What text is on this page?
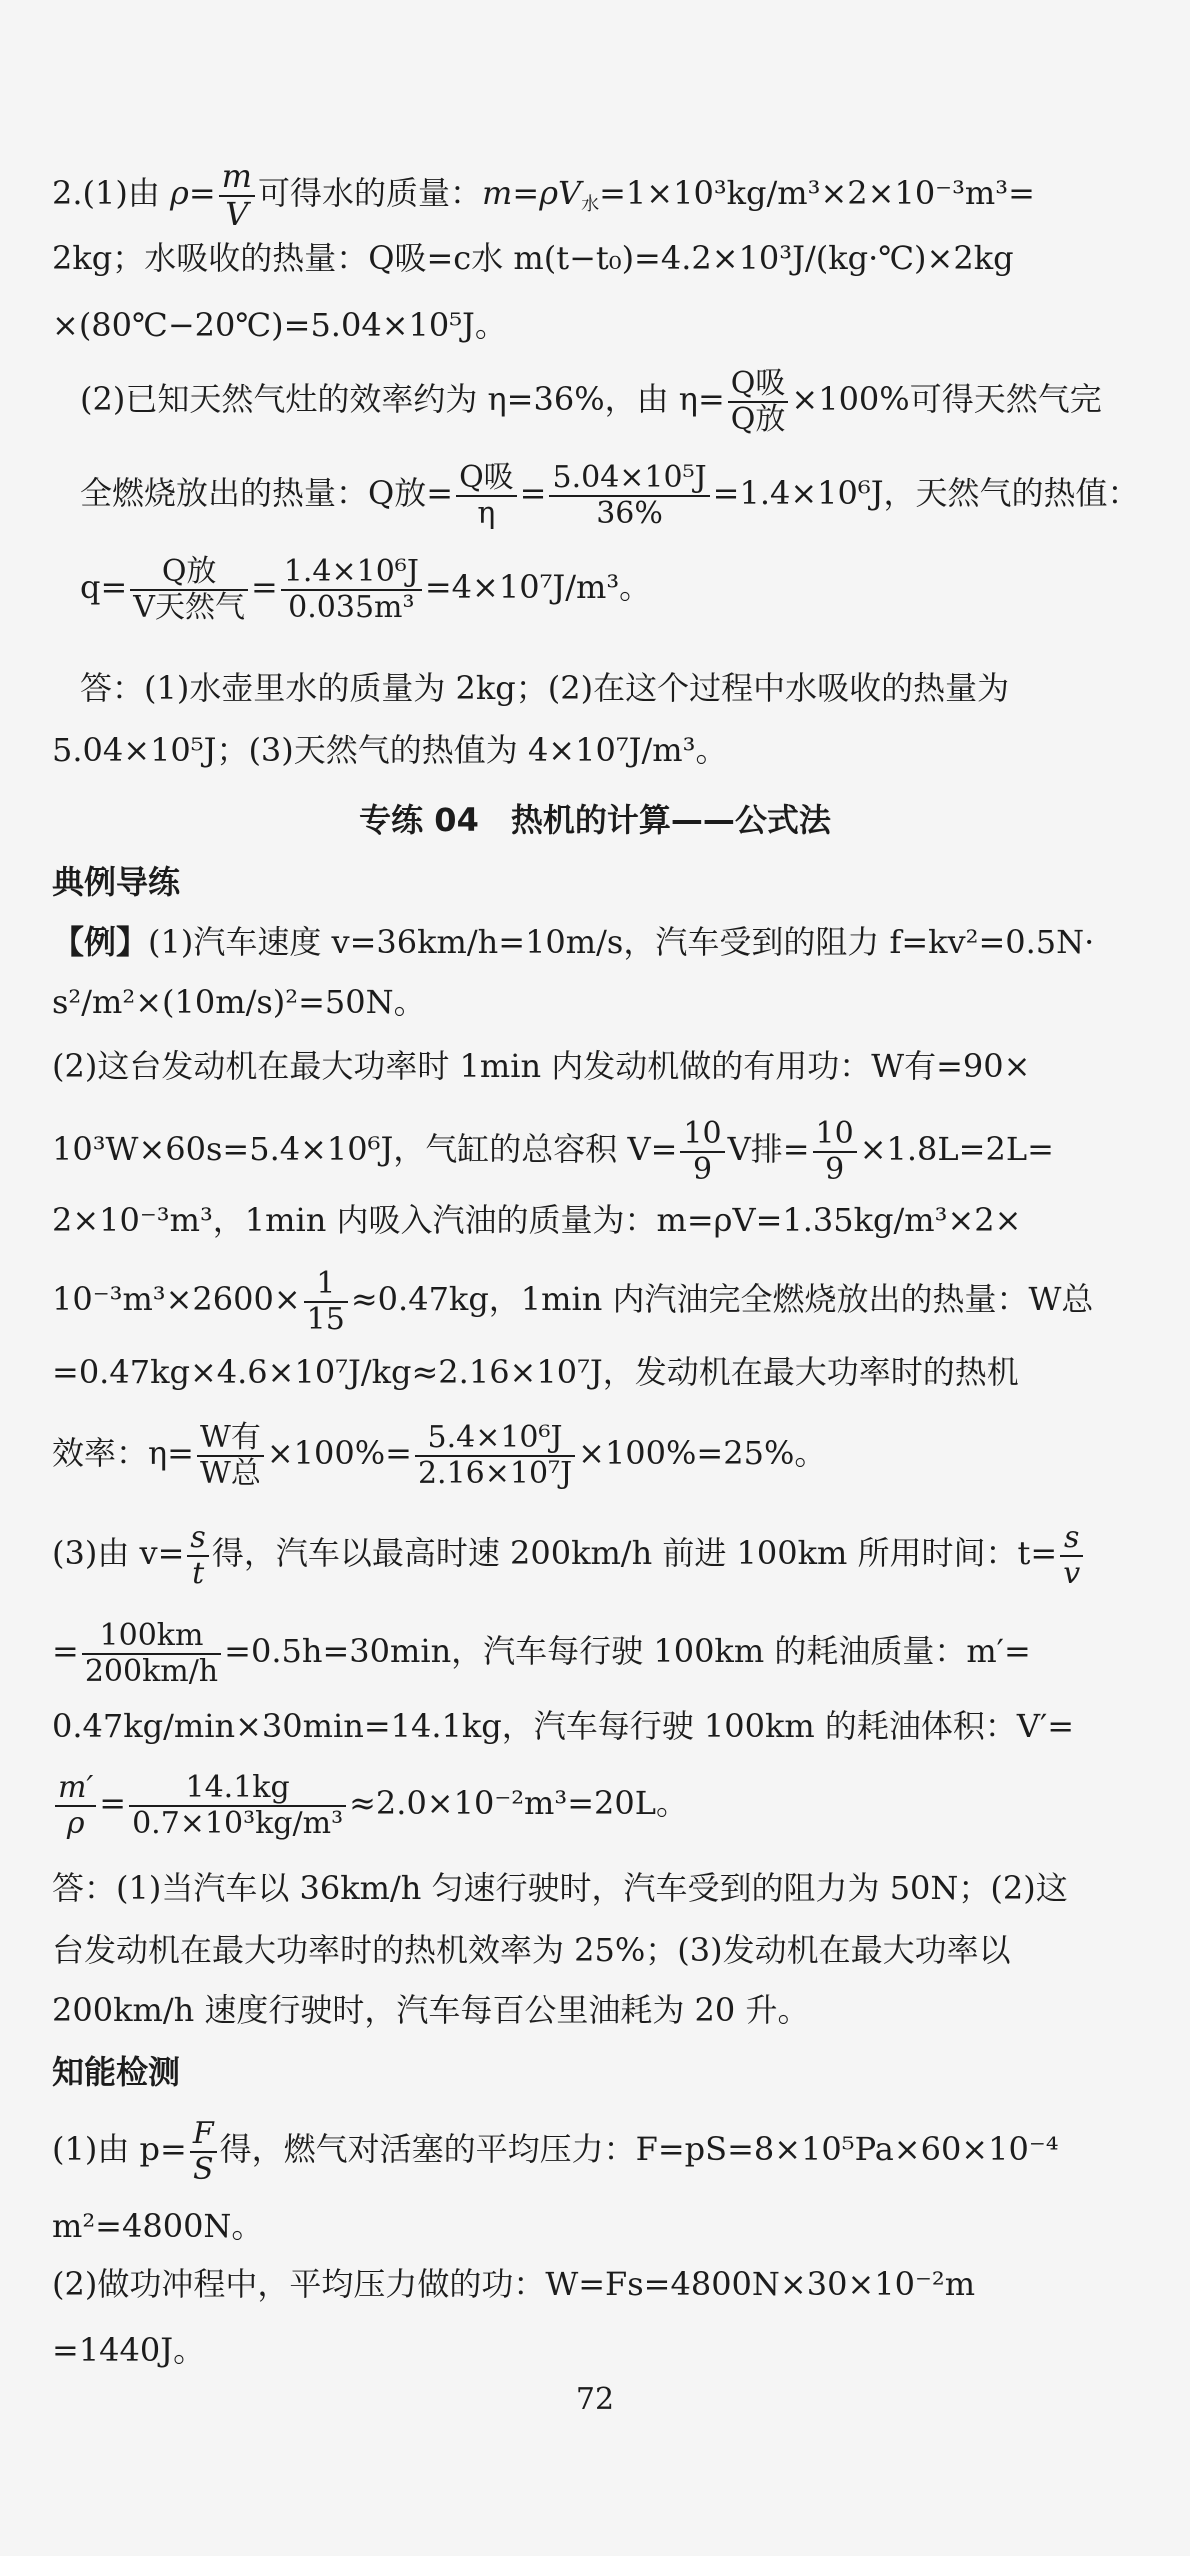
2.(1)由 $\rho= \frac{m}{V}$ 可得水的质量：$m=\rho V_水=1\times 10^3kg/m^3\times 2\times 10^{-3}m^3=$
2kg；水吸收的热量：Q吸=c水 m(t−t₀)=4.2×10³J/(kg·℃)×2kg
×(80℃−20℃)=5.04×10⁵J。
(2)已知天然气灶的效率约为 η=36%，由 $\eta= \frac{\text{Q吸}}{\text{Q放}} \times 100\%$可得天然气完
全燃烧放出的热量：Q放= $\frac{\text{Q吸}}{\eta} = \frac{\text{5.04×10⁵J}}{36\%} =1.4\times 10^6J$，天然气的热值：
$q= \frac{\text{Q放}}{\text{V天然气}} = \frac{\text{1.4×10⁶J}}{\text{0.035m³}} =4\times 10^7J/m^3$。
答：(1)水壶里水的质量为 2kg；(2)在这个过程中水吸收的热量为
5.04×10⁵J；(3)天然气的热值为 4×10⁷J/m³。
专练 04　热机的计算——公式法
典例导练
【例】(1)汽车速度 v=36km/h=10m/s，汽车受到的阻力 f=kv²=0.5N·
s²/m²×(10m/s)²=50N。
(2)这台发动机在最大功率时 1min 内发动机做的有用功：W有=90×
10³W×60s=5.4×10⁶J，气缸的总容积 $V= \frac{10}{9}$ V排= $\frac{10}{9} \times 1.8L=2L=$
2×10⁻³m³，1min 内吸入汽油的质量为：m=ρV=1.35kg/m³×2×
$10^{-3}m^3\times 2600\times \frac{1}{15} \approx 0.47kg$，1min 内汽油完全燃烧放出的热量：W总
=0.47kg×4.6×10⁷J/kg≈2.16×10⁷J，发动机在最大功率时的热机
效率：$\eta= \frac{\text{W有}}{\text{W总}} \times 100\%= \frac{\text{5.4×10⁶J}}{\text{2.16×10⁷J}} \times 100\%=25\%$。
(3)由 $v= \frac{s}{t}$ 得，汽车以最高时速 200km/h 前进 100km 所用时间：$t= \frac{s}{v}$
= $\frac{100km}{200km/h} =0.5h=30\min$，汽车每行驶 100km 的耗油质量：m′=
0.47kg/min×30min=14.1kg，汽车每行驶 100km 的耗油体积：V′=
$\frac{m'}{\rho} = \frac{14.1kg}{\text{0.7×10³kg/m³}} \approx 2.0\times 10^{-2}m^3=20L$。
答：(1)当汽车以 36km/h 匀速行驶时，汽车受到的阻力为 50N；(2)这
台发动机在最大功率时的热机效率为 25%；(3)发动机在最大功率以
200km/h 速度行驶时，汽车每百公里油耗为 20 升。
知能检测
(1)由 $p= \frac{F}{S}$ 得，燃气对活塞的平均压力：F=pS=8×10⁵Pa×60×10⁻⁴
m²=4800N。
(2)做功冲程中，平均压力做的功：W=Fs=4800N×30×10⁻²m
=1440J。
72
